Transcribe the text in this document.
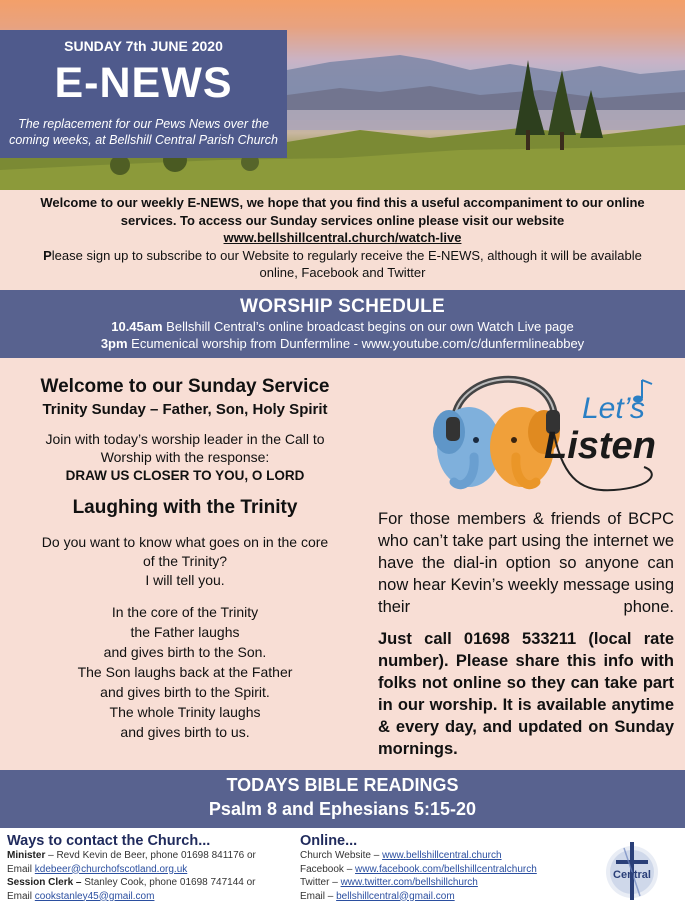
SUNDAY 7th JUNE 2020
E-NEWS
The replacement for our Pews News over the
coming weeks, at Bellshill Central Parish Church
Welcome to our weekly E-NEWS, we hope that you find this a useful accompaniment to our online
services. To access our Sunday services online please visit our website
www.bellshillcentral.church/watch-live
Please sign up to subscribe to our Website to regularly receive the E-NEWS, although it will be available
online, Facebook and Twitter
WORSHIP SCHEDULE
10.45am Bellshill Central’s online broadcast begins on our own Watch Live page
3pm Ecumenical worship from Dunfermline - www.youtube.com/c/dunfermlineabbey
Welcome to our Sunday Service
Trinity Sunday – Father, Son, Holy Spirit
Join with today’s worship leader in the Call to
Worship with the response:
DRAW US CLOSER TO YOU, O LORD
Laughing with the Trinity
Do you want to know what goes on in the core
of the Trinity?
I will tell you.
In the core of the Trinity
the Father laughs
and gives birth to the Son.
The Son laughs back at the Father
and gives birth to the Spirit.
The whole Trinity laughs
and gives birth to us.
Let’s
Listen
For those members & friends of BCPC who can’t take part using the internet we have the dial-in option so anyone can now hear Kevin’s weekly message using their phone.
Just call 01698 533211 (local rate number). Please share this info with folks not online so they can take part in our worship. It is available anytime & every day, and updated on Sunday mornings.
TODAYS BIBLE READINGS
Psalm 8 and Ephesians 5:15-20
Ways to contact the Church...
Minister – Revd Kevin de Beer, phone 01698 841176 or
Email kdebeer@churchofscotland.org.uk
Session Clerk – Stanley Cook, phone 01698 747144 or
Email cookstanley45@gmail.com
Online...
Church Website – www.bellshillcentral.church
Facebook – www.facebook.com/bellshillcentralchurch
Twitter – www.twitter.com/bellshillchurch
Email – bellshillcentral@gmail.com
Central
